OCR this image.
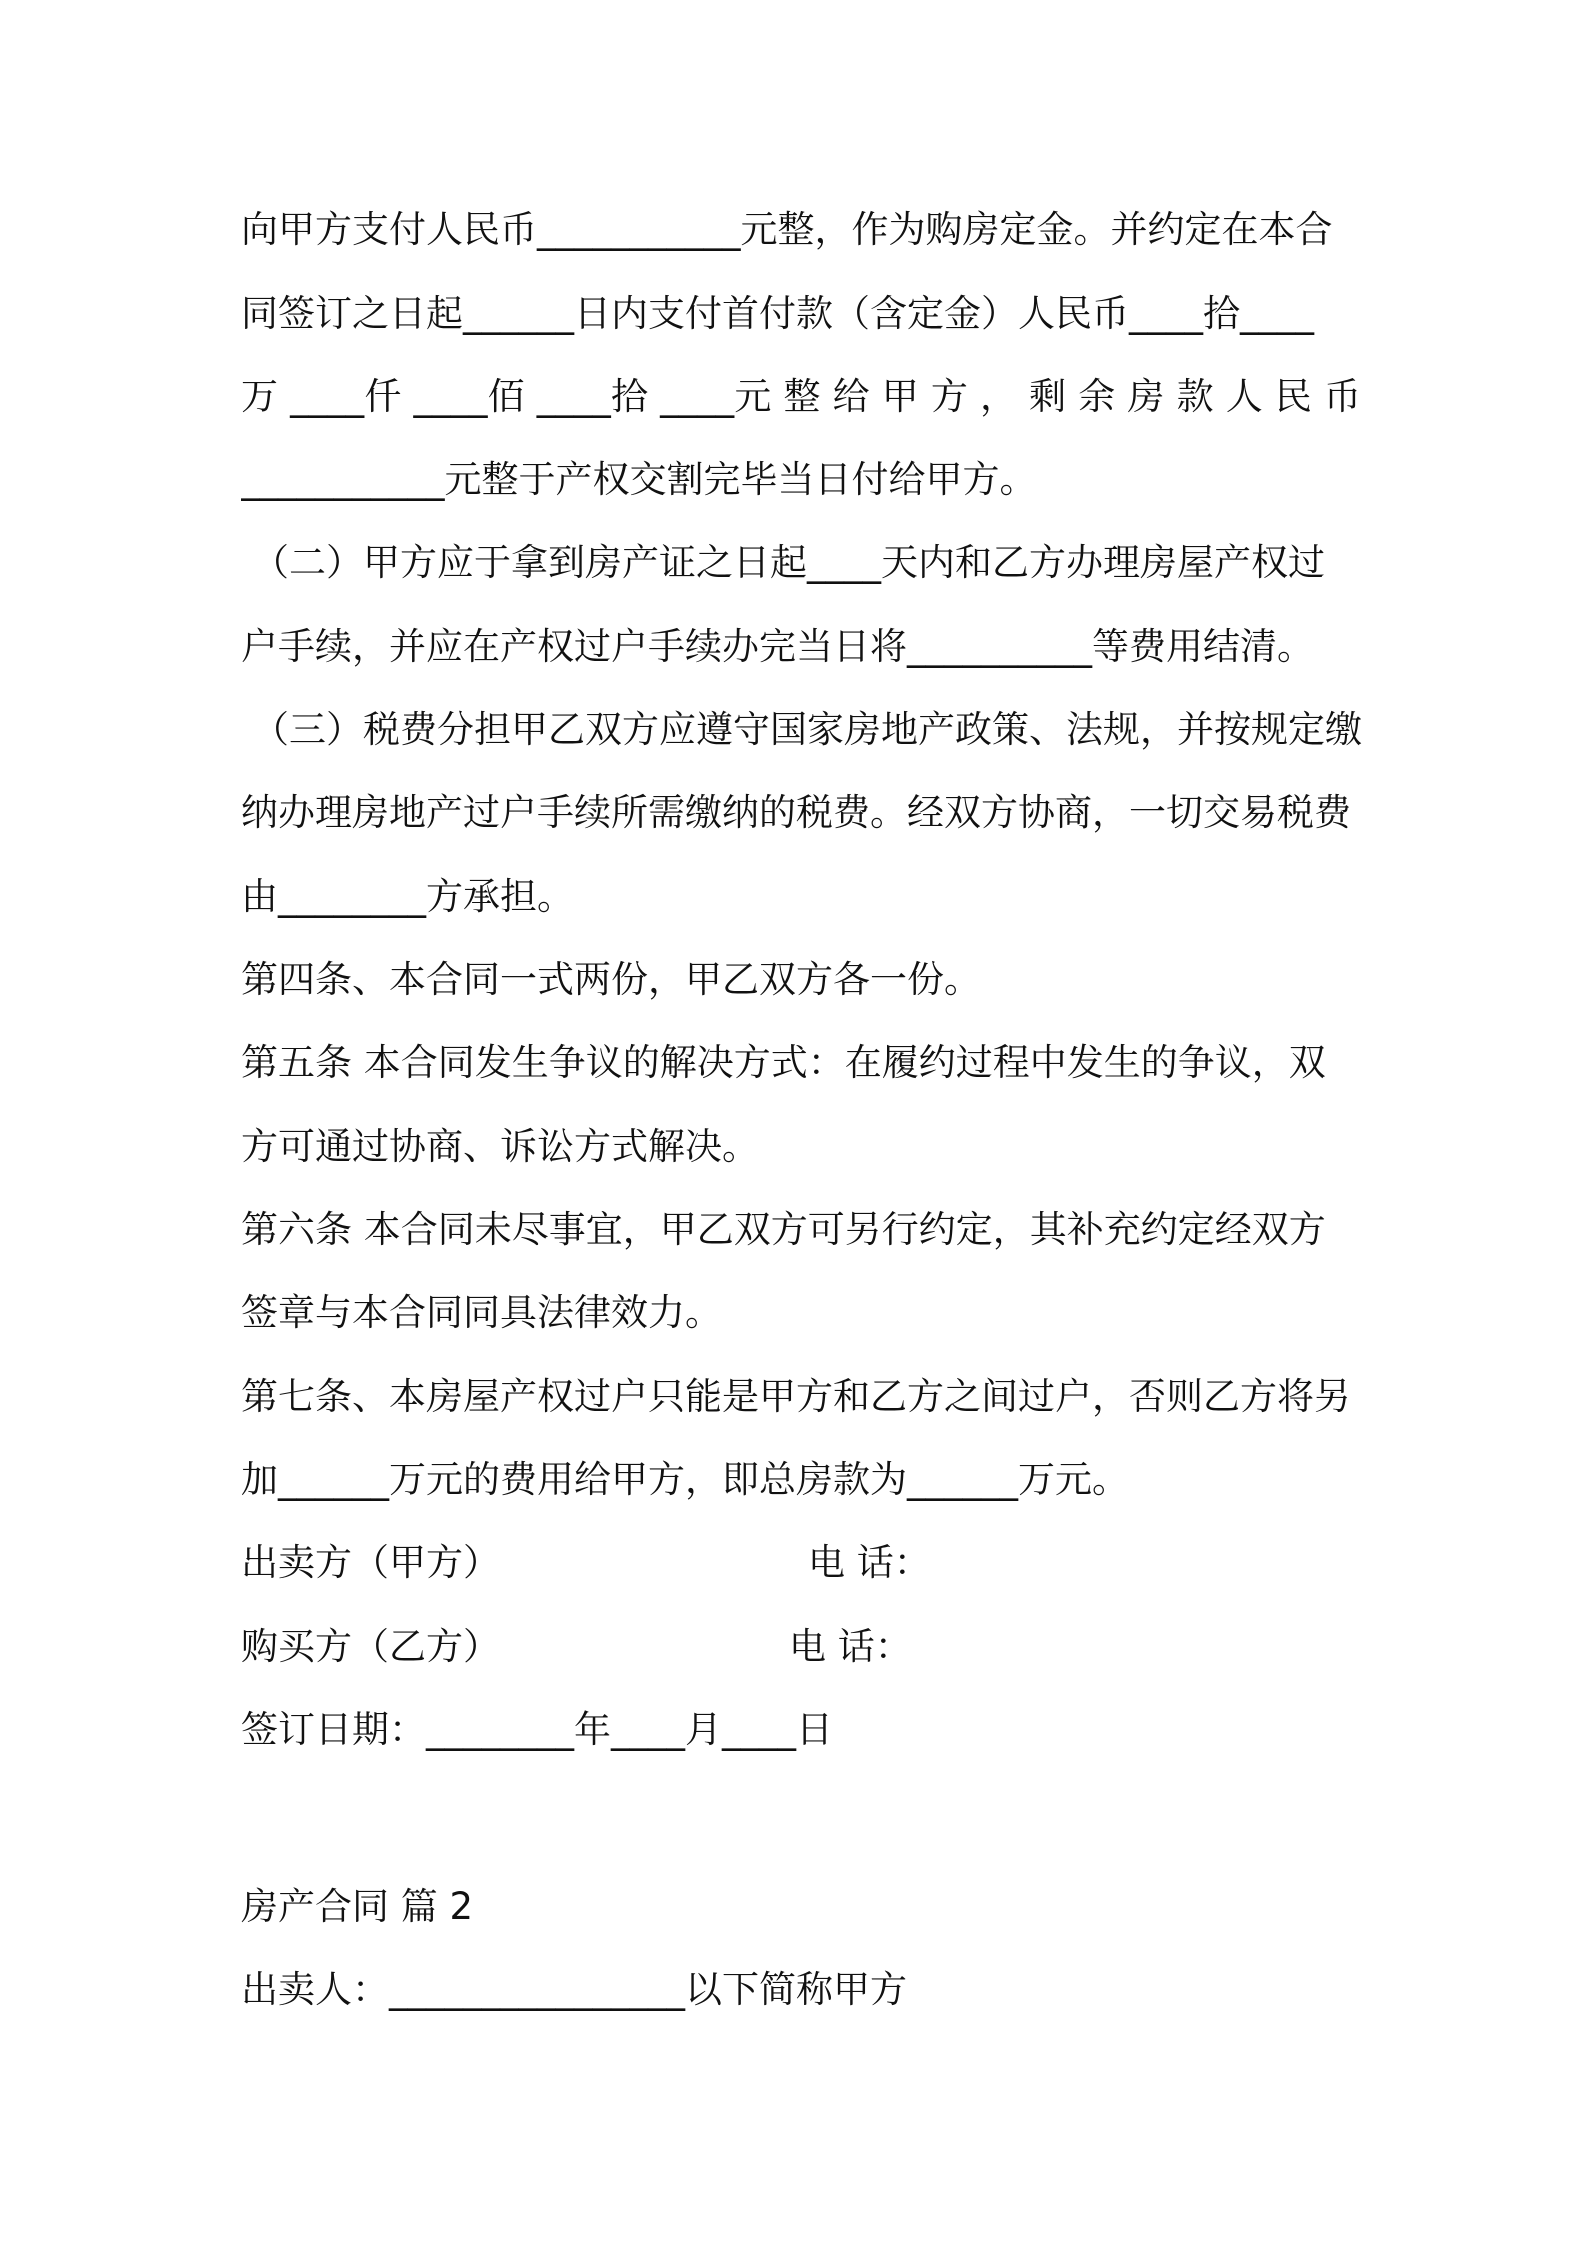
向甲方支付人民币___________元整，作为购房定金。并约定在本合
同签订之日起______日内支付首付款（含定金）人民币____拾____
万 ____仟 ____佰 ____拾 ____元 整 给 甲 方 ， 剩 余 房 款 人 民 币
___________元整于产权交割完毕当日付给甲方。
（二）甲方应于拿到房产证之日起____天内和乙方办理房屋产权过
户手续，并应在产权过户手续办完当日将__________等费用结清。
（三）税费分担甲乙双方应遵守国家房地产政策、法规，并按规定缴
纳办理房地产过户手续所需缴纳的税费。经双方协商，一切交易税费
由________方承担。
第四条、本合同一式两份，甲乙双方各一份。
第五条 本合同发生争议的解决方式：在履约过程中发生的争议，双
方可通过协商、诉讼方式解决。
第六条 本合同未尽事宜，甲乙双方可另行约定，其补充约定经双方
签章与本合同同具法律效力。
第七条、本房屋产权过户只能是甲方和乙方之间过户，否则乙方将另
加______万元的费用给甲方，即总房款为______万元。
出卖方（甲方）	电 话：
购买方（乙方）	电 话：
签订日期：________年____月____日
房产合同 篇 2
出卖人：________________以下简称甲方
